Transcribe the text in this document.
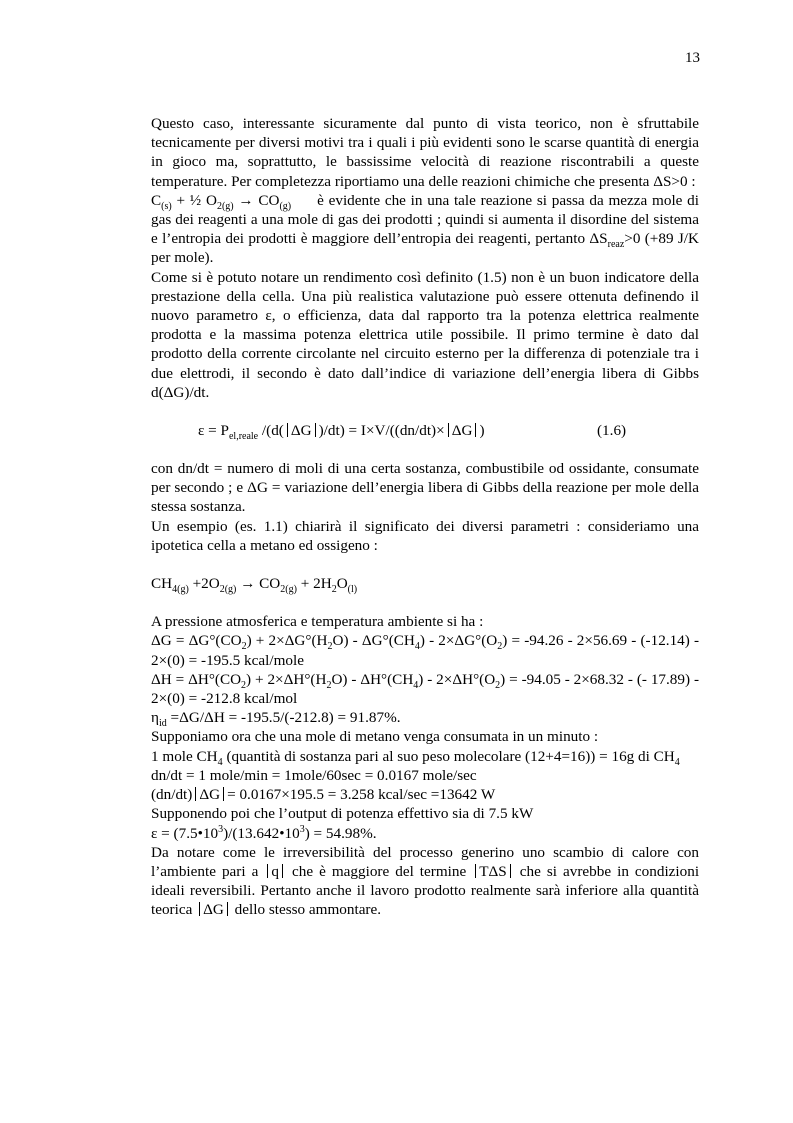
13

Questo caso, interessante sicuramente dal punto di vista teorico, non è sfruttabile tecnicamente per diversi motivi tra i quali i più evidenti sono le scarse quantità di energia in gioco ma, soprattutto, le bassissime velocità di reazione riscontrabili a queste temperature. Per completezza riportiamo una delle reazioni chimiche che presenta ΔS>0 :

$C_{(s)}$ + ½ $O_{2(g)} \to CO_{(g)}$ è evidente che in una tale reazione si passa da mezza mole di gas dei reagenti a una mole di gas dei prodotti ; quindi si aumenta il disordine del sistema e l’entropia dei prodotti è maggiore dell’entropia dei reagenti, pertanto $\Delta S_{reaz}>0$ (+89 J/K per mole).

Come si è potuto notare un rendimento così definito (1.5) non è un buon indicatore della prestazione della cella. Una più realistica valutazione può essere ottenuta definendo il nuovo parametro ε, o efficienza, data dal rapporto tra la potenza elettrica realmente prodotta e la massima potenza elettrica utile possibile. Il primo termine è dato dal prodotto della corrente circolante nel circuito esterno per la differenza di potenziale tra i due elettrodi, il secondo è dato dall’indice di variazione dell’energia libera di Gibbs d(ΔG)/dt.

$\varepsilon = P_{el,reale}$ /(d( ΔG )/dt) = I×V/((dn/dt)× ΔG )	(1.6)

con dn/dt = numero di moli di una certa sostanza, combustibile od ossidante, consumate per secondo ; e ΔG = variazione dell’energia libera di Gibbs della reazione per mole della stessa sostanza.

Un esempio (es. 1.1) chiarirà il significato dei diversi parametri : consideriamo una ipotetica cella a metano ed ossigeno :

$CH_{4(g)} +2O_{2(g)} \to CO_{2(g)} + 2H_2O_{(l)}$

A pressione atmosferica e temperatura ambiente si ha :

$\Delta G = \Delta G^\circ(CO_2) + 2\times\Delta G^\circ(H_2O) - \Delta G^\circ(CH_4) - 2\times\Delta G^\circ(O_2) = -94.26 - 2\times 56.69 - (-12.14) - 2\times(0) = -195.5$ kcal/mole

$\Delta H = \Delta H^\circ(CO_2) + 2\times\Delta H^\circ(H_2O) - \Delta H^\circ(CH_4) - 2\times\Delta H^\circ(O_2) = -94.05 - 2\times 68.32$ - (- 17.89) - 2×(0) = -212.8 kcal/mol

$\eta_{id} =\Delta G/\Delta H = -195.5/(-212.8) = 91.87\%$.

Supponiamo ora che una mole di metano venga consumata in un minuto :

1 mole $CH_4$ (quantità di sostanza pari al suo peso molecolare (12+4=16)) = 16g di $CH_4$

dn/dt = 1 mole/min = 1mole/60sec = 0.0167 mole/sec

(dn/dt) ΔG = 0.0167×195.5 = 3.258 kcal/sec =13642 W

Supponendo poi che l’output di potenza effettivo sia di 7.5 kW

$\varepsilon = (7.5•10^3)/(13.642•10^3) = 54.98\%$.

Da notare come le irreversibilità del processo generino uno scambio di calore con l’ambiente pari a q che è maggiore del termine TΔS che si avrebbe in condizioni ideali reversibili. Pertanto anche il lavoro prodotto realmente sarà inferiore alla quantità teorica ΔG dello stesso ammontare.
